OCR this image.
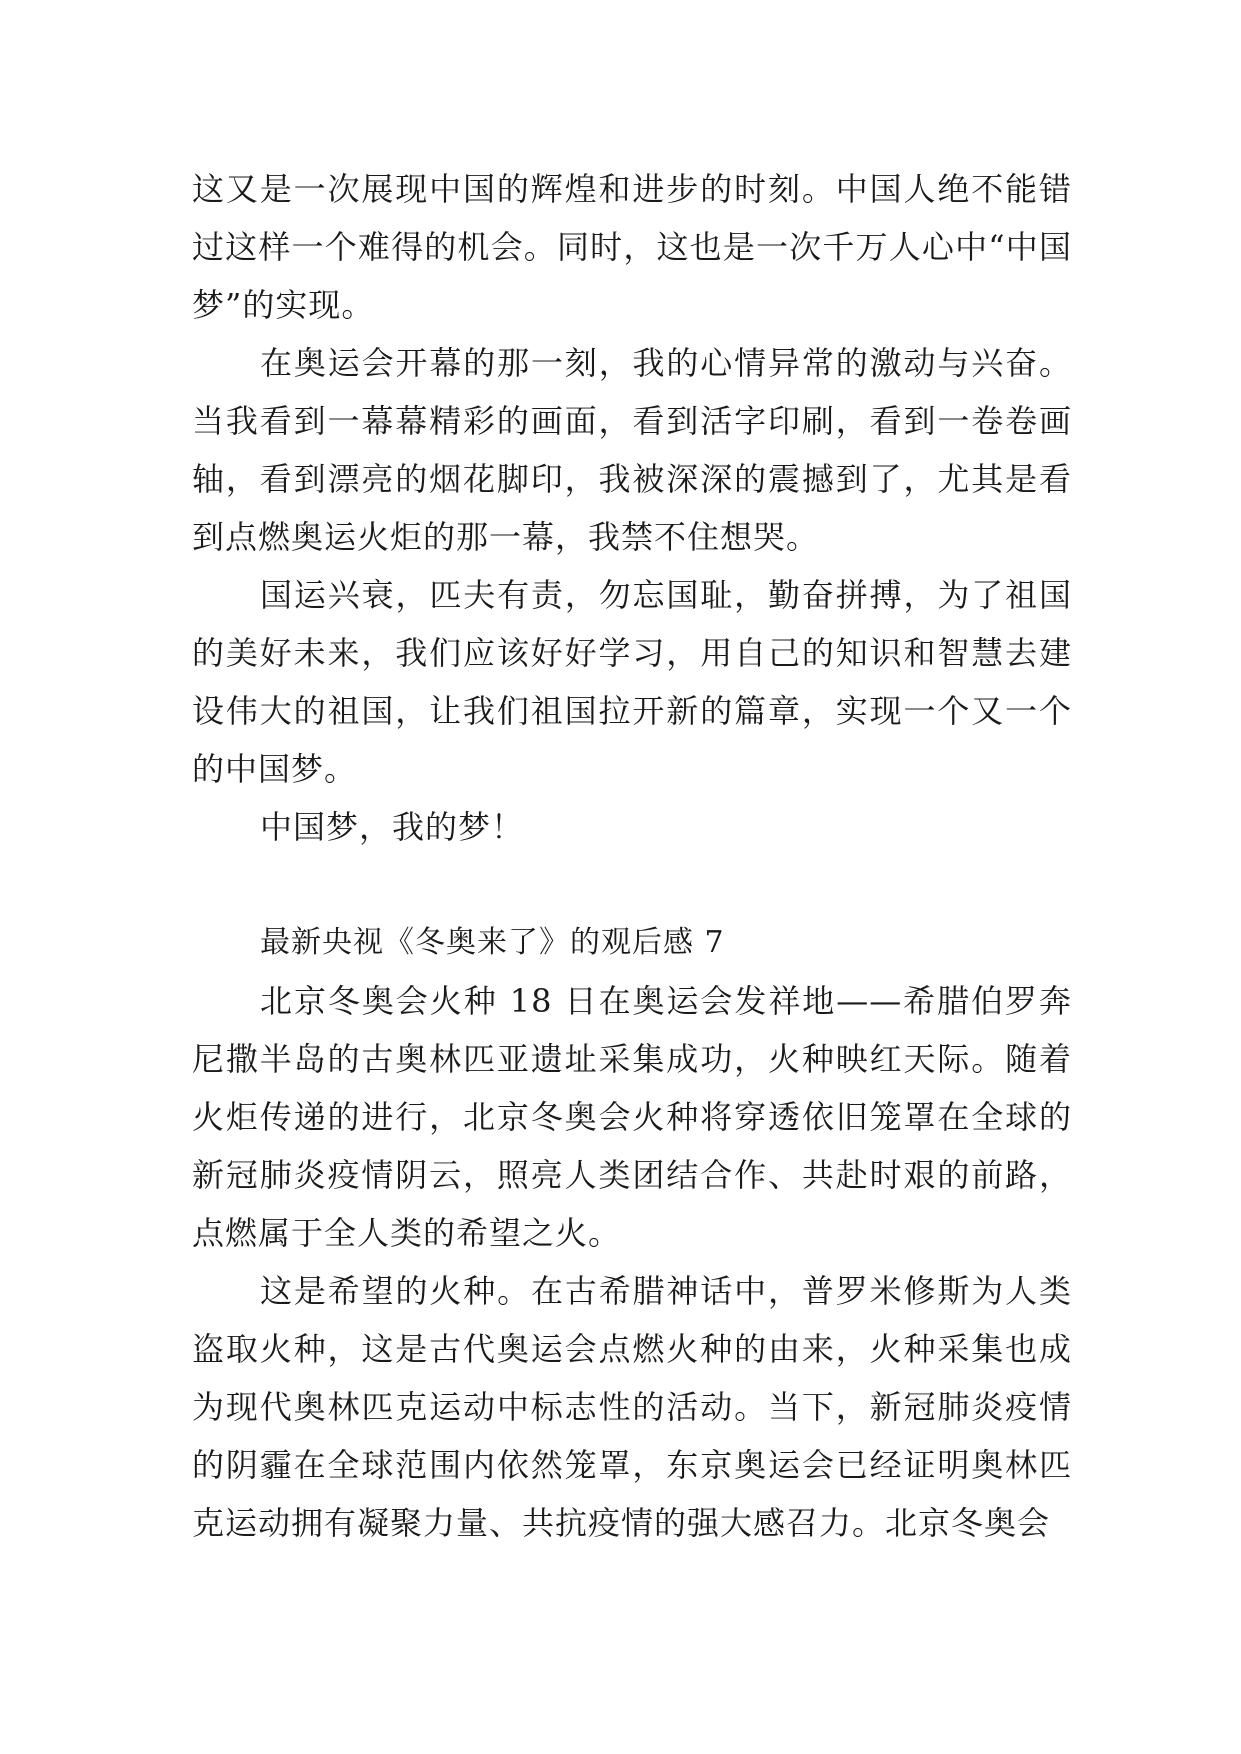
这又是一次展现中国的辉煌和进步的时刻。中国人绝不能错过这样一个难得的机会。同时，这也是一次千万人心中“中国梦”的实现。

在奥运会开幕的那一刻，我的心情异常的激动与兴奋。当我看到一幕幕精彩的画面，看到活字印刷，看到一卷卷画轴，看到漂亮的烟花脚印，我被深深的震撼到了，尤其是看到点燃奥运火炬的那一幕，我禁不住想哭。

国运兴衰，匹夫有责，勿忘国耻，勤奋拼搏，为了祖国的美好未来，我们应该好好学习，用自己的知识和智慧去建设伟大的祖国，让我们祖国拉开新的篇章，实现一个又一个的中国梦。

中国梦，我的梦！

最新央视《冬奥来了》的观后感 7

北京冬奥会火种 18 日在奥运会发祥地——希腊伯罗奔尼撒半岛的古奥林匹亚遗址采集成功，火种映红天际。随着火炬传递的进行，北京冬奥会火种将穿透依旧笼罩在全球的新冠肺炎疫情阴云，照亮人类团结合作、共赴时艰的前路，点燃属于全人类的希望之火。

这是希望的火种。在古希腊神话中，普罗米修斯为人类盗取火种，这是古代奥运会点燃火种的由来，火种采集也成为现代奥林匹克运动中标志性的活动。当下，新冠肺炎疫情的阴霾在全球范围内依然笼罩，东京奥运会已经证明奥林匹克运动拥有凝聚力量、共抗疫情的强大感召力。北京冬奥会
